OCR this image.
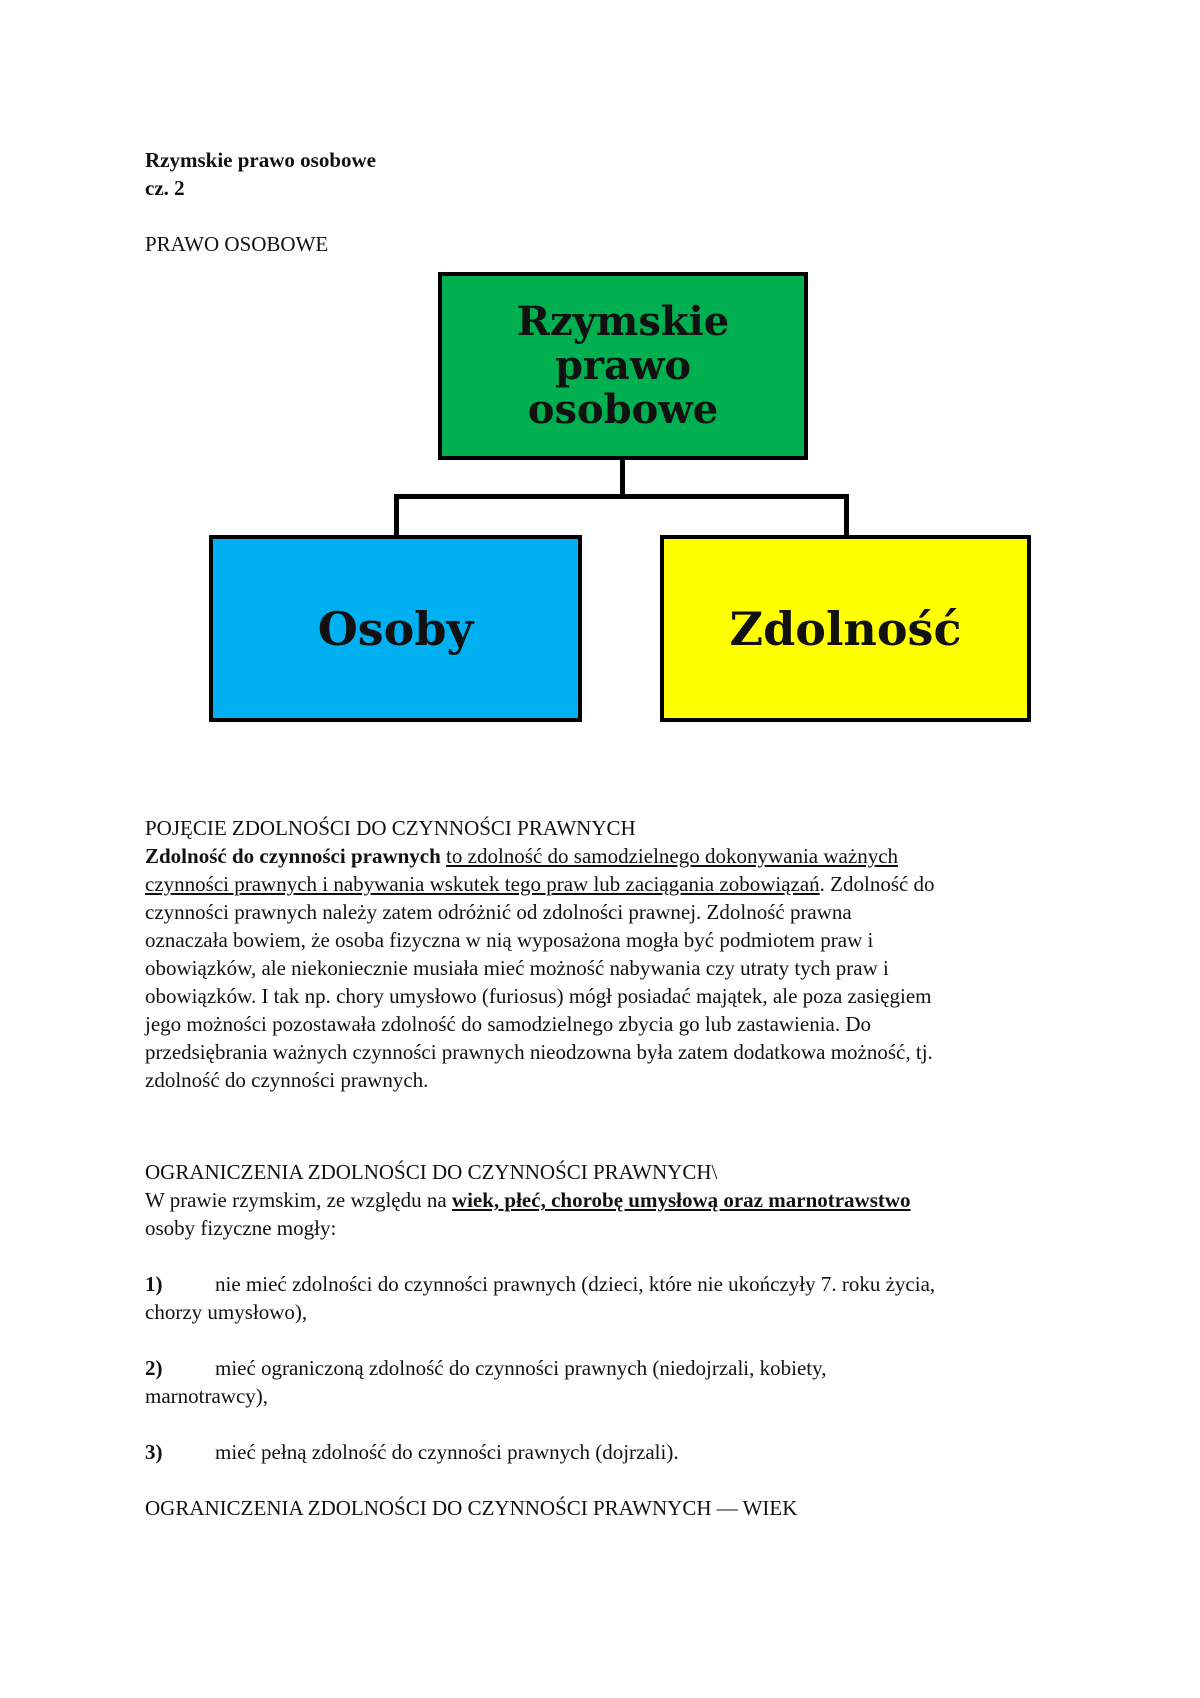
Rzymskie prawo osobowe
cz. 2
PRAWO OSOBOWE
Rzymskie prawo osobowe
Osoby	Zdolność
POJĘCIE ZDOLNOŚCI DO CZYNNOŚCI PRAWNYCH
Zdolność do czynności prawnych to zdolność do samodzielnego dokonywania ważnych
czynności prawnych i nabywania wskutek tego praw lub zaciągania zobowiązań. Zdolność do
czynności prawnych należy zatem odróżnić od zdolności prawnej. Zdolność prawna
oznaczała bowiem, że osoba fizyczna w nią wyposażona mogła być podmiotem praw i
obowiązków, ale niekoniecznie musiała mieć możność nabywania czy utraty tych praw i
obowiązków. I tak np. chory umysłowo (furiosus) mógł posiadać majątek, ale poza zasięgiem
jego możności pozostawała zdolność do samodzielnego zbycia go lub zastawienia. Do
przedsiębrania ważnych czynności prawnych nieodzowna była zatem dodatkowa możność, tj.
zdolność do czynności prawnych.
OGRANICZENIA ZDOLNOŚCI DO CZYNNOŚCI PRAWNYCH\
W prawie rzymskim, ze względu na wiek, płeć, chorobę umysłową oraz marnotrawstwo
osoby fizyczne mogły:
1)	nie mieć zdolności do czynności prawnych (dzieci, które nie ukończyły 7. roku życia,
chorzy umysłowo),
2)	mieć ograniczoną zdolność do czynności prawnych (niedojrzali, kobiety,
marnotrawcy),
3)	mieć pełną zdolność do czynności prawnych (dojrzali).
OGRANICZENIA ZDOLNOŚCI DO CZYNNOŚCI PRAWNYCH — WIEK
